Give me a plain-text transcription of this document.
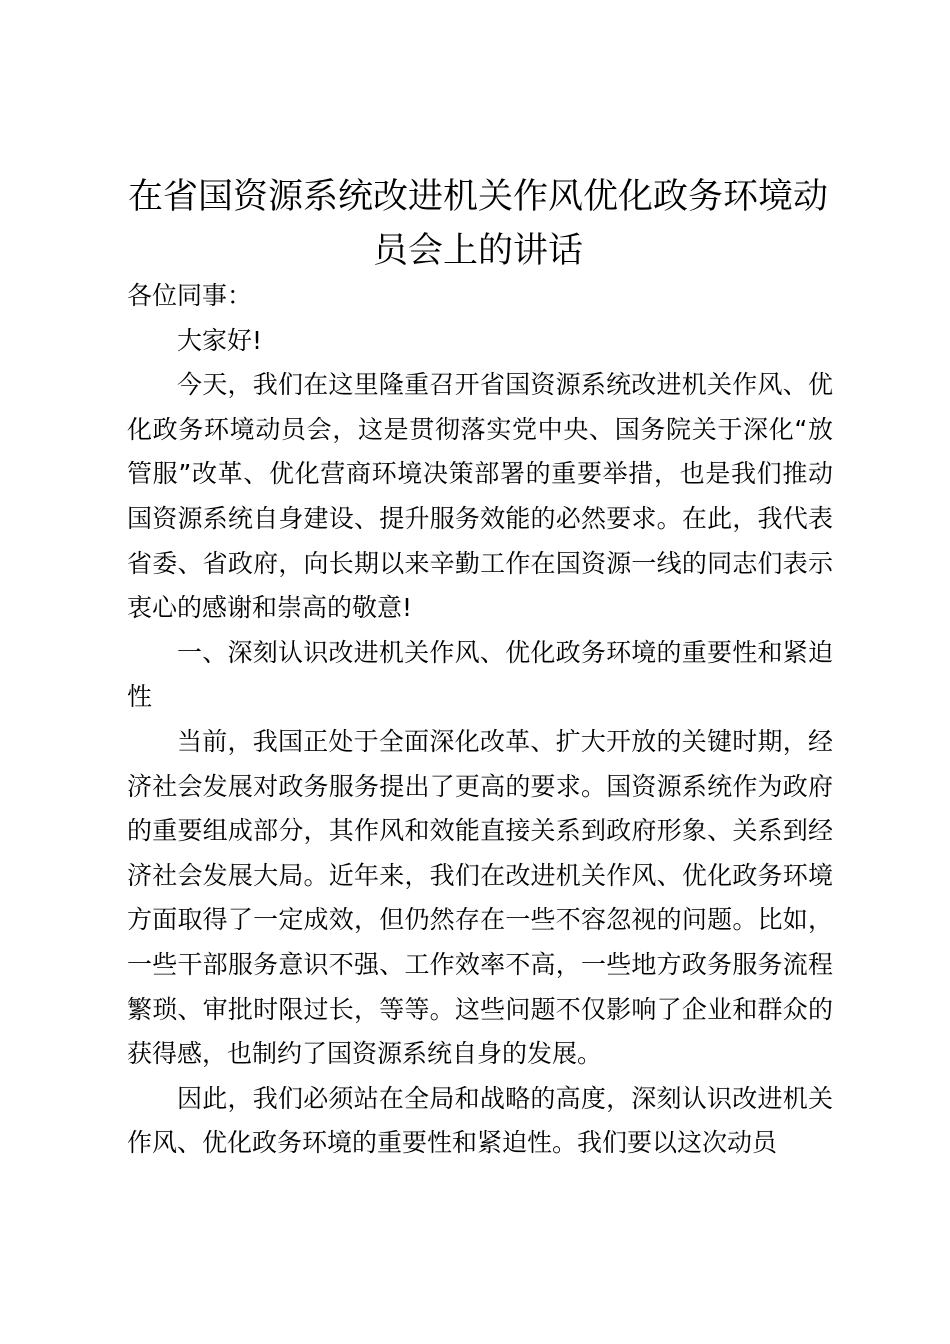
在省国资源系统改进机关作风优化政务环境动员会上的讲话

各位同事：

大家好!

今天，我们在这里隆重召开省国资源系统改进机关作风、优化政务环境动员会，这是贯彻落实党中央、国务院关于深化“放管服”改革、优化营商环境决策部署的重要举措，也是我们推动国资源系统自身建设、提升服务效能的必然要求。在此，我代表省委、省政府，向长期以来辛勤工作在国资源一线的同志们表示衷心的感谢和崇高的敬意!

一、深刻认识改进机关作风、优化政务环境的重要性和紧迫性

当前，我国正处于全面深化改革、扩大开放的关键时期，经济社会发展对政务服务提出了更高的要求。国资源系统作为政府的重要组成部分，其作风和效能直接关系到政府形象、关系到经济社会发展大局。近年来，我们在改进机关作风、优化政务环境方面取得了一定成效，但仍然存在一些不容忽视的问题。比如，一些干部服务意识不强、工作效率不高，一些地方政务服务流程繁琐、审批时限过长，等等。这些问题不仅影响了企业和群众的获得感，也制约了国资源系统自身的发展。

因此，我们必须站在全局和战略的高度，深刻认识改进机关作风、优化政务环境的重要性和紧迫性。我们要以这次动员
